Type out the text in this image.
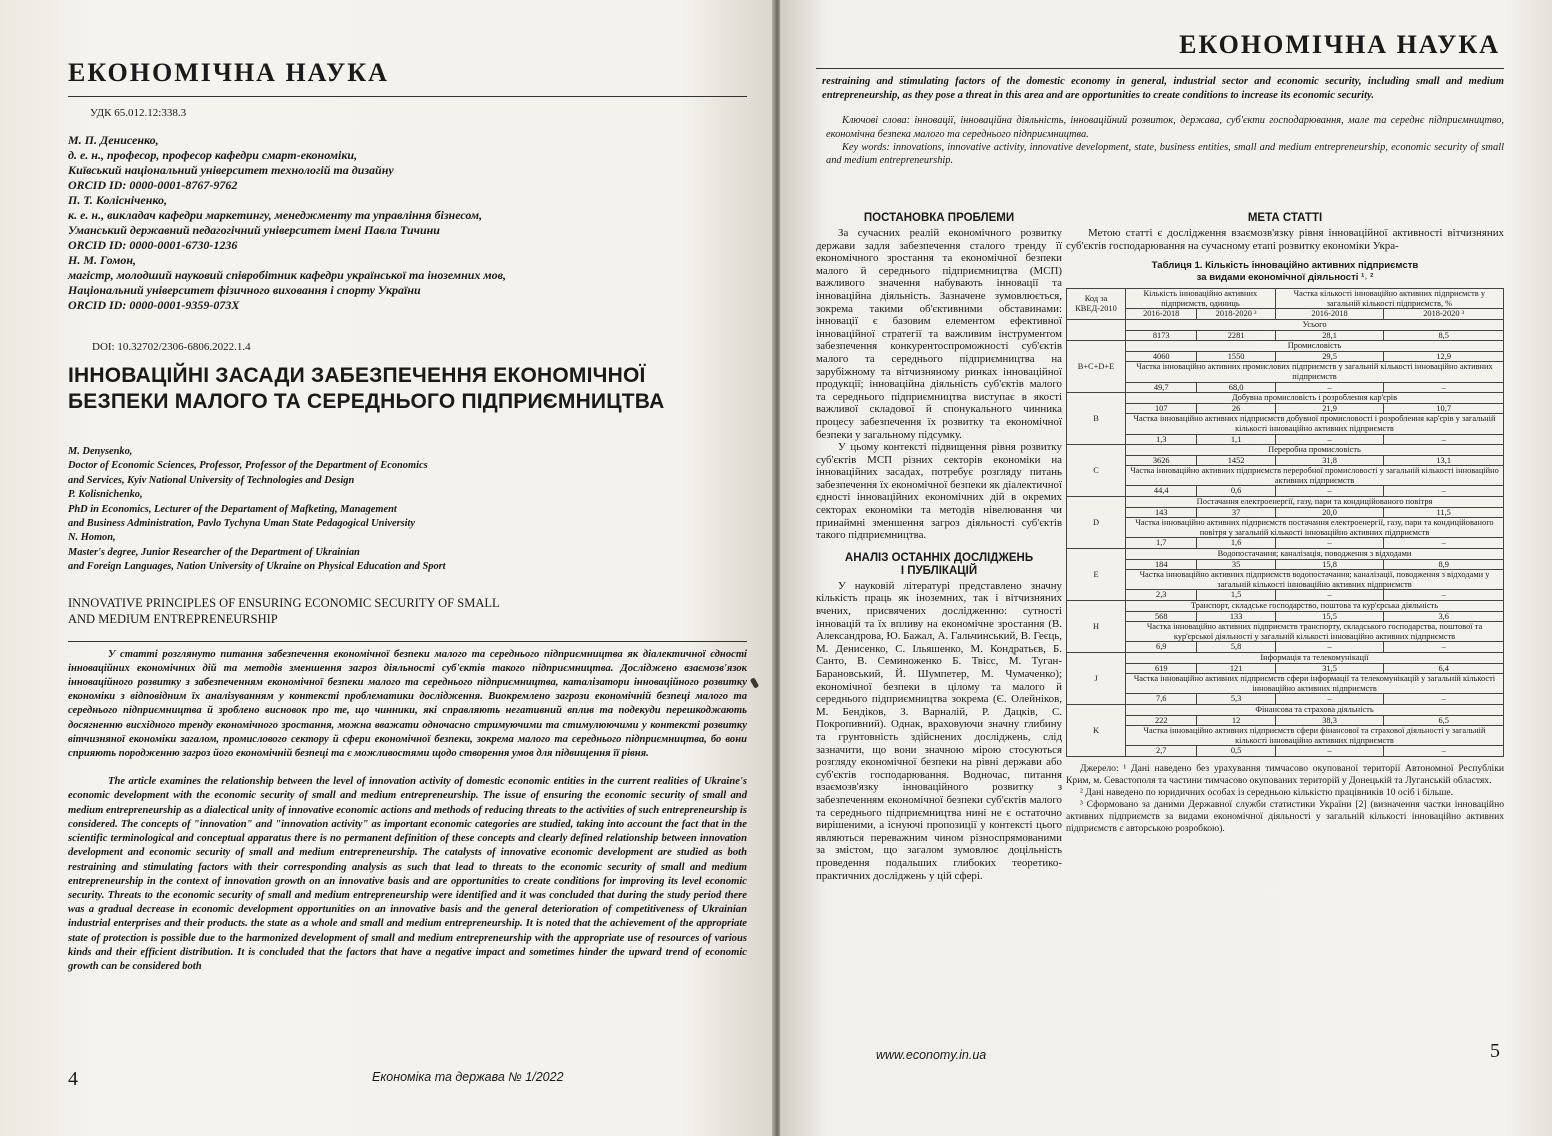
ЕКОНОМІЧНА НАУКА
УДК 65.012.12:338.3
М. П. Денисенко,
д. е. н., професор, професор кафедри смарт-економіки,
Київський національний університет технологій та дизайну
ORCID ID: 0000-0001-8767-9762
П. Т. Колісніченко,
к. е. н., викладач кафедри маркетингу, менеджменту та управління бізнесом,
Уманський державний педагогічний університет імені Павла Тичини
ORCID ID: 0000-0001-6730-1236
Н. М. Гомон,
магістр, молодший науковий співробітник кафедри української та іноземних мов,
Національний університет фізичного виховання і спорту України
ORCID ID: 0000-0001-9359-073X
DOI: 10.32702/2306-6806.2022.1.4
ІННОВАЦІЙНІ ЗАСАДИ ЗАБЕЗПЕЧЕННЯ ЕКОНОМІЧНОЇ
БЕЗПЕКИ МАЛОГО ТА СЕРЕДНЬОГО ПІДПРИЄМНИЦТВА
M. Denysenko,
Doctor of Economic Sciences, Professor, Professor of the Department of Economics
and Services, Kyiv National University of Technologies and Design
P. Kolisnichenko,
PhD in Economics, Lecturer of the Departament of Mafketing, Management
and Business Administration, Pavlo Tychyna Uman State Pedagogical University
N. Homon,
Master's degree, Junior Researcher of the Department of Ukrainian
and Foreign Languages, Nation University of Ukraine on Physical Education and Sport
INNOVATIVE PRINCIPLES OF ENSURING ECONOMIC SECURITY OF SMALL
AND MEDIUM ENTREPRENEURSHIP

У статті розглянуто питання забезпечення економічної безпеки малого та середнього підприємництва як діалектичної єдності інноваційних економічних дій та методів зменшення загроз діяльності суб'єктів такого підприємництва. Досліджено взаємозв'язок інноваційного розвитку з забезпеченням економічної безпеки малого та середнього підприємництва, каталізатори інноваційного розвитку економіки з відповідним їх аналізуванням у контексті проблематики дослідження. Виокремлено загрози економічній безпеці малого та середнього підприємництва й зроблено висновок про те, що чинники, які справляють негативний вплив та подекуди перешкоджають досягненню висхідного тренду економічного зростання, можна вважати одночасно стримуючими та стимулюючими у контексті розвитку вітчизняної економіки загалом, промислового сектору й сфери економічної безпеки, зокрема малого та середнього підприємництва, бо вони сприяють породженню загроз його економічній безпеці та є можливостями щодо створення умов для підвищення її рівня.

The article examines the relationship between the level of innovation activity of domestic economic entities in the current realities of Ukraine's economic development with the economic security of small and medium entrepreneurship. The issue of ensuring the economic security of small and medium entrepreneurship as a dialectical unity of innovative economic actions and methods of reducing threats to the activities of such entrepreneurship is considered. The concepts of "innovation" and "innovation activity" as important economic categories are studied, taking into account the fact that in the scientific terminological and conceptual apparatus there is no permanent definition of these concepts and clearly defined relationship between innovation development and economic security of small and medium entrepreneurship. The catalysts of innovative economic development are studied as both restraining and stimulating factors with their corresponding analysis as such that lead to threats to the economic security of small and medium entrepreneurship in the context of innovation growth on an innovative basis and are opportunities to create conditions for improving its level economic security. Threats to the economic security of small and medium entrepreneurship were identified and it was concluded that during the study period there was a gradual decrease in economic development opportunities on an innovative basis and the general deterioration of competitiveness of Ukrainian industrial enterprises and their products. the state as a whole and small and medium entrepreneurship. It is noted that the achievement of the appropriate state of protection is possible due to the harmonized development of small and medium entrepreneurship with the appropriate use of resources of various kinds and their efficient distribution. It is concluded that the factors that have a negative impact and sometimes hinder the upward trend of economic growth can be considered both

4	Економіка та держава № 1/2022
ЕКОНОМІЧНА НАУКА
restraining and stimulating factors of the domestic economy in general, industrial sector and economic security, including small and medium entrepreneurship, as they pose a threat in this area and are opportunities to create conditions to increase its economic security.

Ключові слова: інновації, інноваційна діяльність, інноваційний розвиток, держава, суб'єкти господарювання, мале та середнє підприємництво, економічна безпека малого та середнього підприємництва.

Key words: innovations, innovative activity, innovative development, state, business entities, small and medium entrepreneurship, economic security of small and medium entrepreneurship.

ПОСТАНОВКА ПРОБЛЕМИ

За сучасних реалій економічного розвитку держави задля забезпечення сталого тренду її економічного зростання та економічної безпеки малого й середнього підприємництва (МСП) важливого значення набувають інновації та інноваційна діяльність. Зазначене зумовлюється, зокрема такими об'єктивними обставинами: інновації є базовим елементом ефективної інноваційної стратегії та важливим інструментом забезпечення конкурентоспроможності суб'єктів малого та середнього підприємництва на зарубіжному та вітчизняному ринках інноваційної продукції; інноваційна діяльність суб'єктів малого та середнього підприємництва виступає в якості важливої складової й спонукального чинника процесу забезпечення їх розвитку та економічної безпеки у загальному підсумку.

У цьому контексті підвищення рівня розвитку суб'єктів МСП різних секторів економіки на інноваційних засадах, потребує розгляду питань забезпечення їх економічної безпеки як діалектичної єдності інноваційних економічних дій в окремих секторах економіки та методів нівелювання чи принаймні зменшення загроз діяльності суб'єктів такого підприємництва.

АНАЛІЗ ОСТАННІХ ДОСЛІДЖЕНЬ
І ПУБЛІКАЦІЙ

У науковій літературі представлено значну кількість праць як іноземних, так і вітчизняних вчених, присвячених дослідженню: сутності інновацій та їх впливу на економічне зростання (В. Александрова, Ю. Бажал, А. Гальчинський, В. Геєць, М. Денисенко, С. Ільяшенко, М. Кондратьєв, Б. Санто, В. Семиноженко Б. Твісс, М. Туган-Барановський, Й. Шумпетер, М. Чумаченко); економічної безпеки в цілому та малого й середнього підприємництва зокрема (Є. Олейніков, М. Бендіков, З. Варналій, Р. Дацків, С. Покропивний). Однак, враховуючи значну глибину та грунтовність здійснених досліджень, слід зазначити, що вони значною мірою стосуються розгляду економічної безпеки на рівні держави або суб'єктів господарювання. Водночас, питання взаємозв'язку інноваційного розвитку з забезпеченням економічної безпеки суб'єктів малого та середнього підприємництва нині не є остаточно вирішеними, а існуючі пропозиції у контексті цього являються переважним чином різноспрямованими за змістом, що загалом зумовлює доцільність проведення подальших глибоких теоретико-практичних досліджень у цій сфері.

МЕТА СТАТТІ

Метою статті є дослідження взаємозв'язку рівня інноваційної активності вітчизняних суб'єктів господарювання на сучасному етапі розвитку економіки Укра-

Таблиця 1. Кількість інноваційно активних підприємств
за видами економічної діяльності ¹˒ ²
Код за КВЕД-2010	Кількість інноваційно активних підприємств, одиниць		Частка кількості інноваційно активних підприємств у загальній кількості підприємств, %	
	2016-2018	2018-2020 ³	2016-2018	2018-2020 ³
	Усього			
	8173	2281	28,1	8,5
B+C+D+E	Промисловість			
	4060	1550	29,5	12,9
	Частка інноваційно активних промислових підприємств у загальній кількості інноваційно активних підприємств			
	49,7	68,0	–	–
B	Добувна промисловість і розроблення кар'єрів			
	107	26	21,9	10,7
	Частка інноваційно активних підприємств добувної промисловості і розроблення кар'єрів у загальній кількості інноваційно активних підприємств			
	1,3	1,1	–	–
C	Переробна промисловість			
	3626	1452	31,8	13,1
	Частка інноваційно активних підприємств переробної промисловості у загальній кількості інноваційно активних підприємств			
	44,4	0,6	–	–
D	Постачання електроенергії, газу, пари та кондиційованого повітря			
	143	37	20,0	11,5
	Частка інноваційно активних підприємств постачання електроенергії, газу, пари та кондиційованого повітря у загальній кількості інноваційно активних підприємств			
	1,7	1,6	–	–
E	Водопостачання; каналізація, поводження з відходами			
	184	35	15,8	8,9
	Частка інноваційно активних підприємств водопостачання; каналізації, поводження з відходами у загальній кількості інноваційно активних підприємств			
	2,3	1,5	–	–
H	Транспорт, складське господарство, поштова та кур'єрська діяльність			
	568	133	15,5	3,6
	Частка інноваційно активних підприємств транспорту, складського господарства, поштової та кур'єрської діяльності у загальній кількості інноваційно активних підприємств			
	6,9	5,8	–	–
J	Інформація та телекомунікації			
	619	121	31,5	6,4
	Частка інноваційно активних підприємств сфери інформації та телекомунікацій у загальній кількості інноваційно активних підприємств			
	7,6	5,3	–	–
K	Фінансова та страхова діяльність			
	222	12	38,3	6,5
	Частка інноваційно активних підприємств сфери фінансової та страхової діяльності у загальній кількості інноваційно активних підприємств			
	2,7	0,5	–	–

Джерело: ¹ Дані наведено без урахування тимчасово окупованої території Автономної Республіки Крим, м. Севастополя та частини тимчасово окупованих територій у Донецькій та Луганській областях.

² Дані наведено по юридичних особах із середньою кількістю працівників 10 осіб і більше.

³ Сформовано за даними Державної служби статистики України [2] (визначення частки інноваційно активних підприємств за видами економічної діяльності у загальній кількості інноваційно активних підприємств є авторською розробкою).

www.economy.in.ua	5
